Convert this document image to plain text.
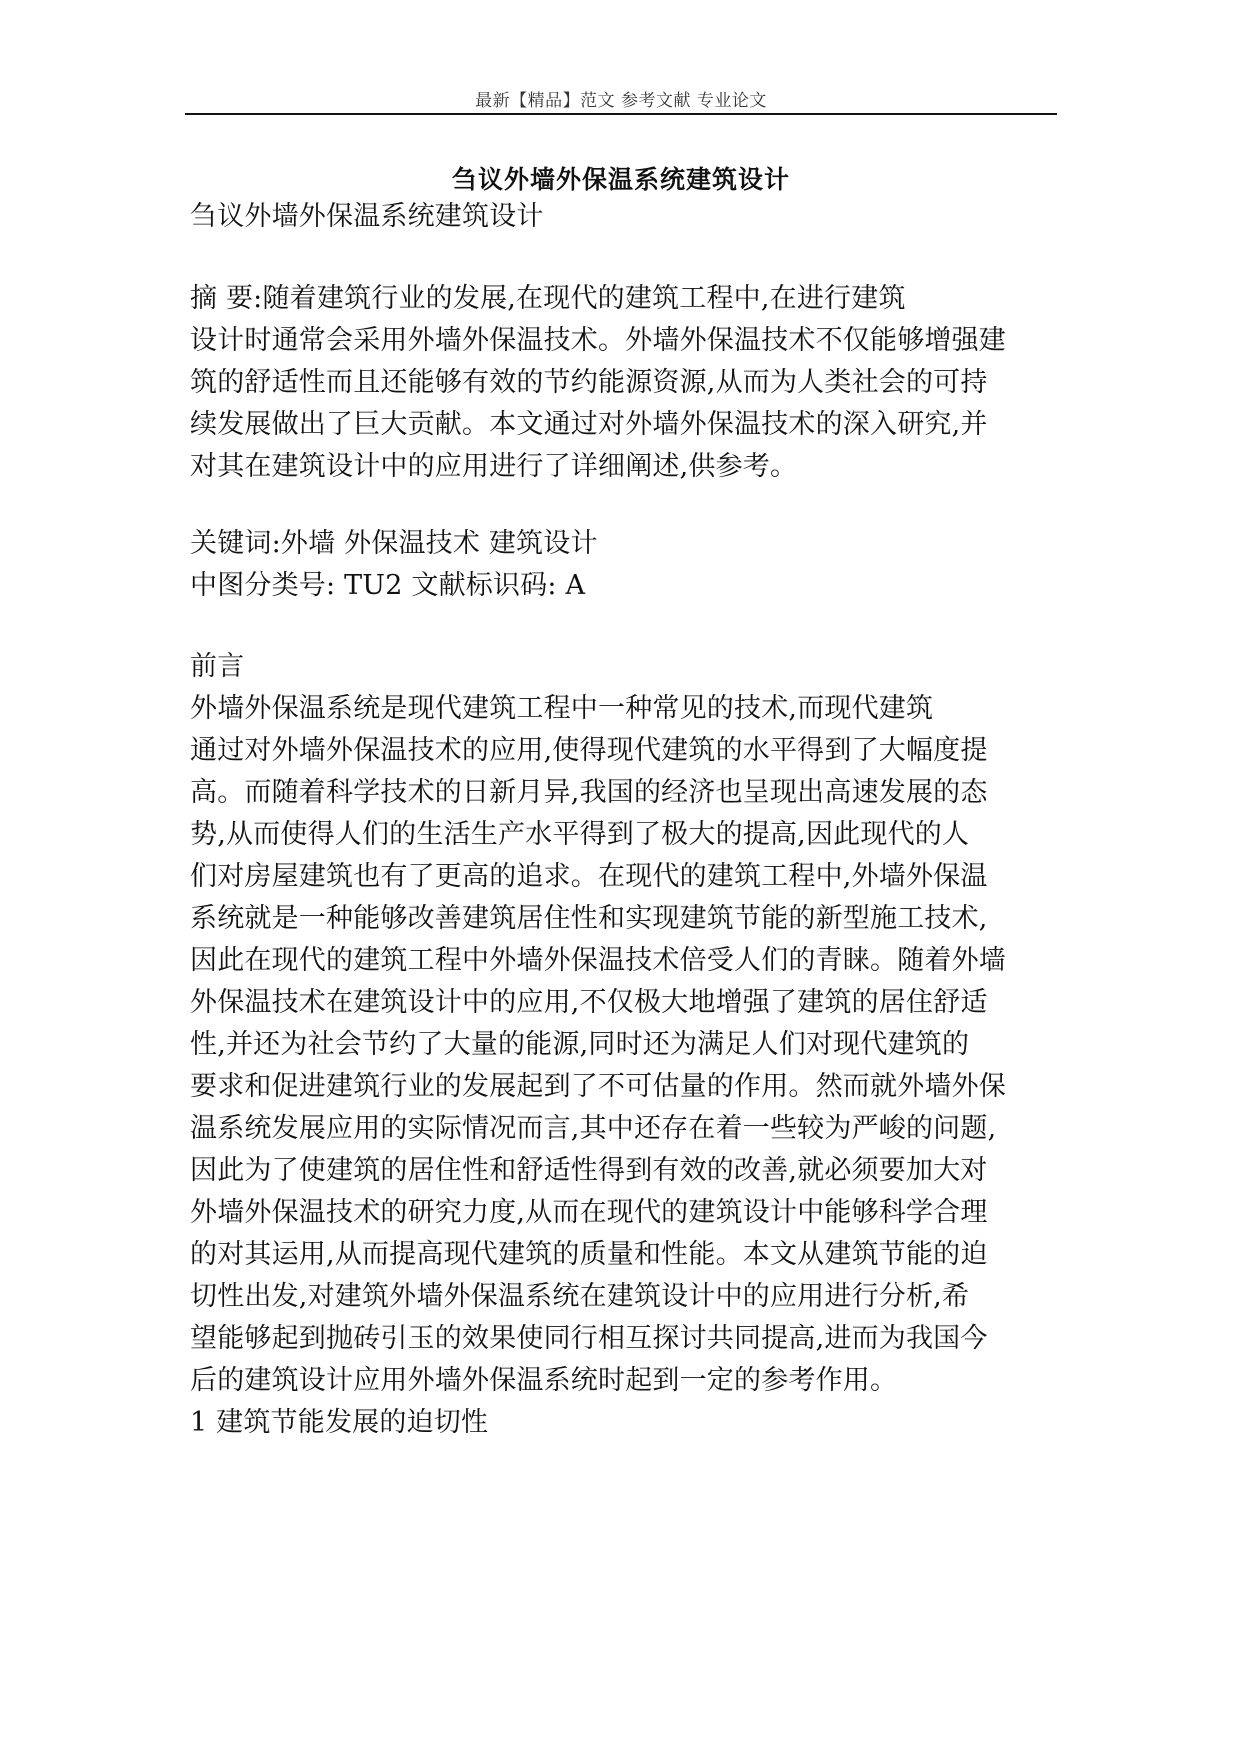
最新【精品】范文 参考文献 专业论文
刍议外墙外保温系统建筑设计
刍议外墙外保温系统建筑设计
摘 要:随着建筑行业的发展,在现代的建筑工程中,在进行建筑
设计时通常会采用外墙外保温技术。外墙外保温技术不仅能够增强建
筑的舒适性而且还能够有效的节约能源资源,从而为人类社会的可持
续发展做出了巨大贡献。本文通过对外墙外保温技术的深入研究,并
对其在建筑设计中的应用进行了详细阐述,供参考。
关键词:外墙 外保温技术 建筑设计
中图分类号: TU2 文献标识码: A
前言
外墙外保温系统是现代建筑工程中一种常见的技术,而现代建筑
通过对外墙外保温技术的应用,使得现代建筑的水平得到了大幅度提
高。而随着科学技术的日新月异,我国的经济也呈现出高速发展的态
势,从而使得人们的生活生产水平得到了极大的提高,因此现代的人
们对房屋建筑也有了更高的追求。在现代的建筑工程中,外墙外保温
系统就是一种能够改善建筑居住性和实现建筑节能的新型施工技术,
因此在现代的建筑工程中外墙外保温技术倍受人们的青睐。随着外墙
外保温技术在建筑设计中的应用,不仅极大地增强了建筑的居住舒适
性,并还为社会节约了大量的能源,同时还为满足人们对现代建筑的
要求和促进建筑行业的发展起到了不可估量的作用。然而就外墙外保
温系统发展应用的实际情况而言,其中还存在着一些较为严峻的问题,
因此为了使建筑的居住性和舒适性得到有效的改善,就必须要加大对
外墙外保温技术的研究力度,从而在现代的建筑设计中能够科学合理
的对其运用,从而提高现代建筑的质量和性能。本文从建筑节能的迫
切性出发,对建筑外墙外保温系统在建筑设计中的应用进行分析,希
望能够起到抛砖引玉的效果使同行相互探讨共同提高,进而为我国今
后的建筑设计应用外墙外保温系统时起到一定的参考作用。
1 建筑节能发展的迫切性
